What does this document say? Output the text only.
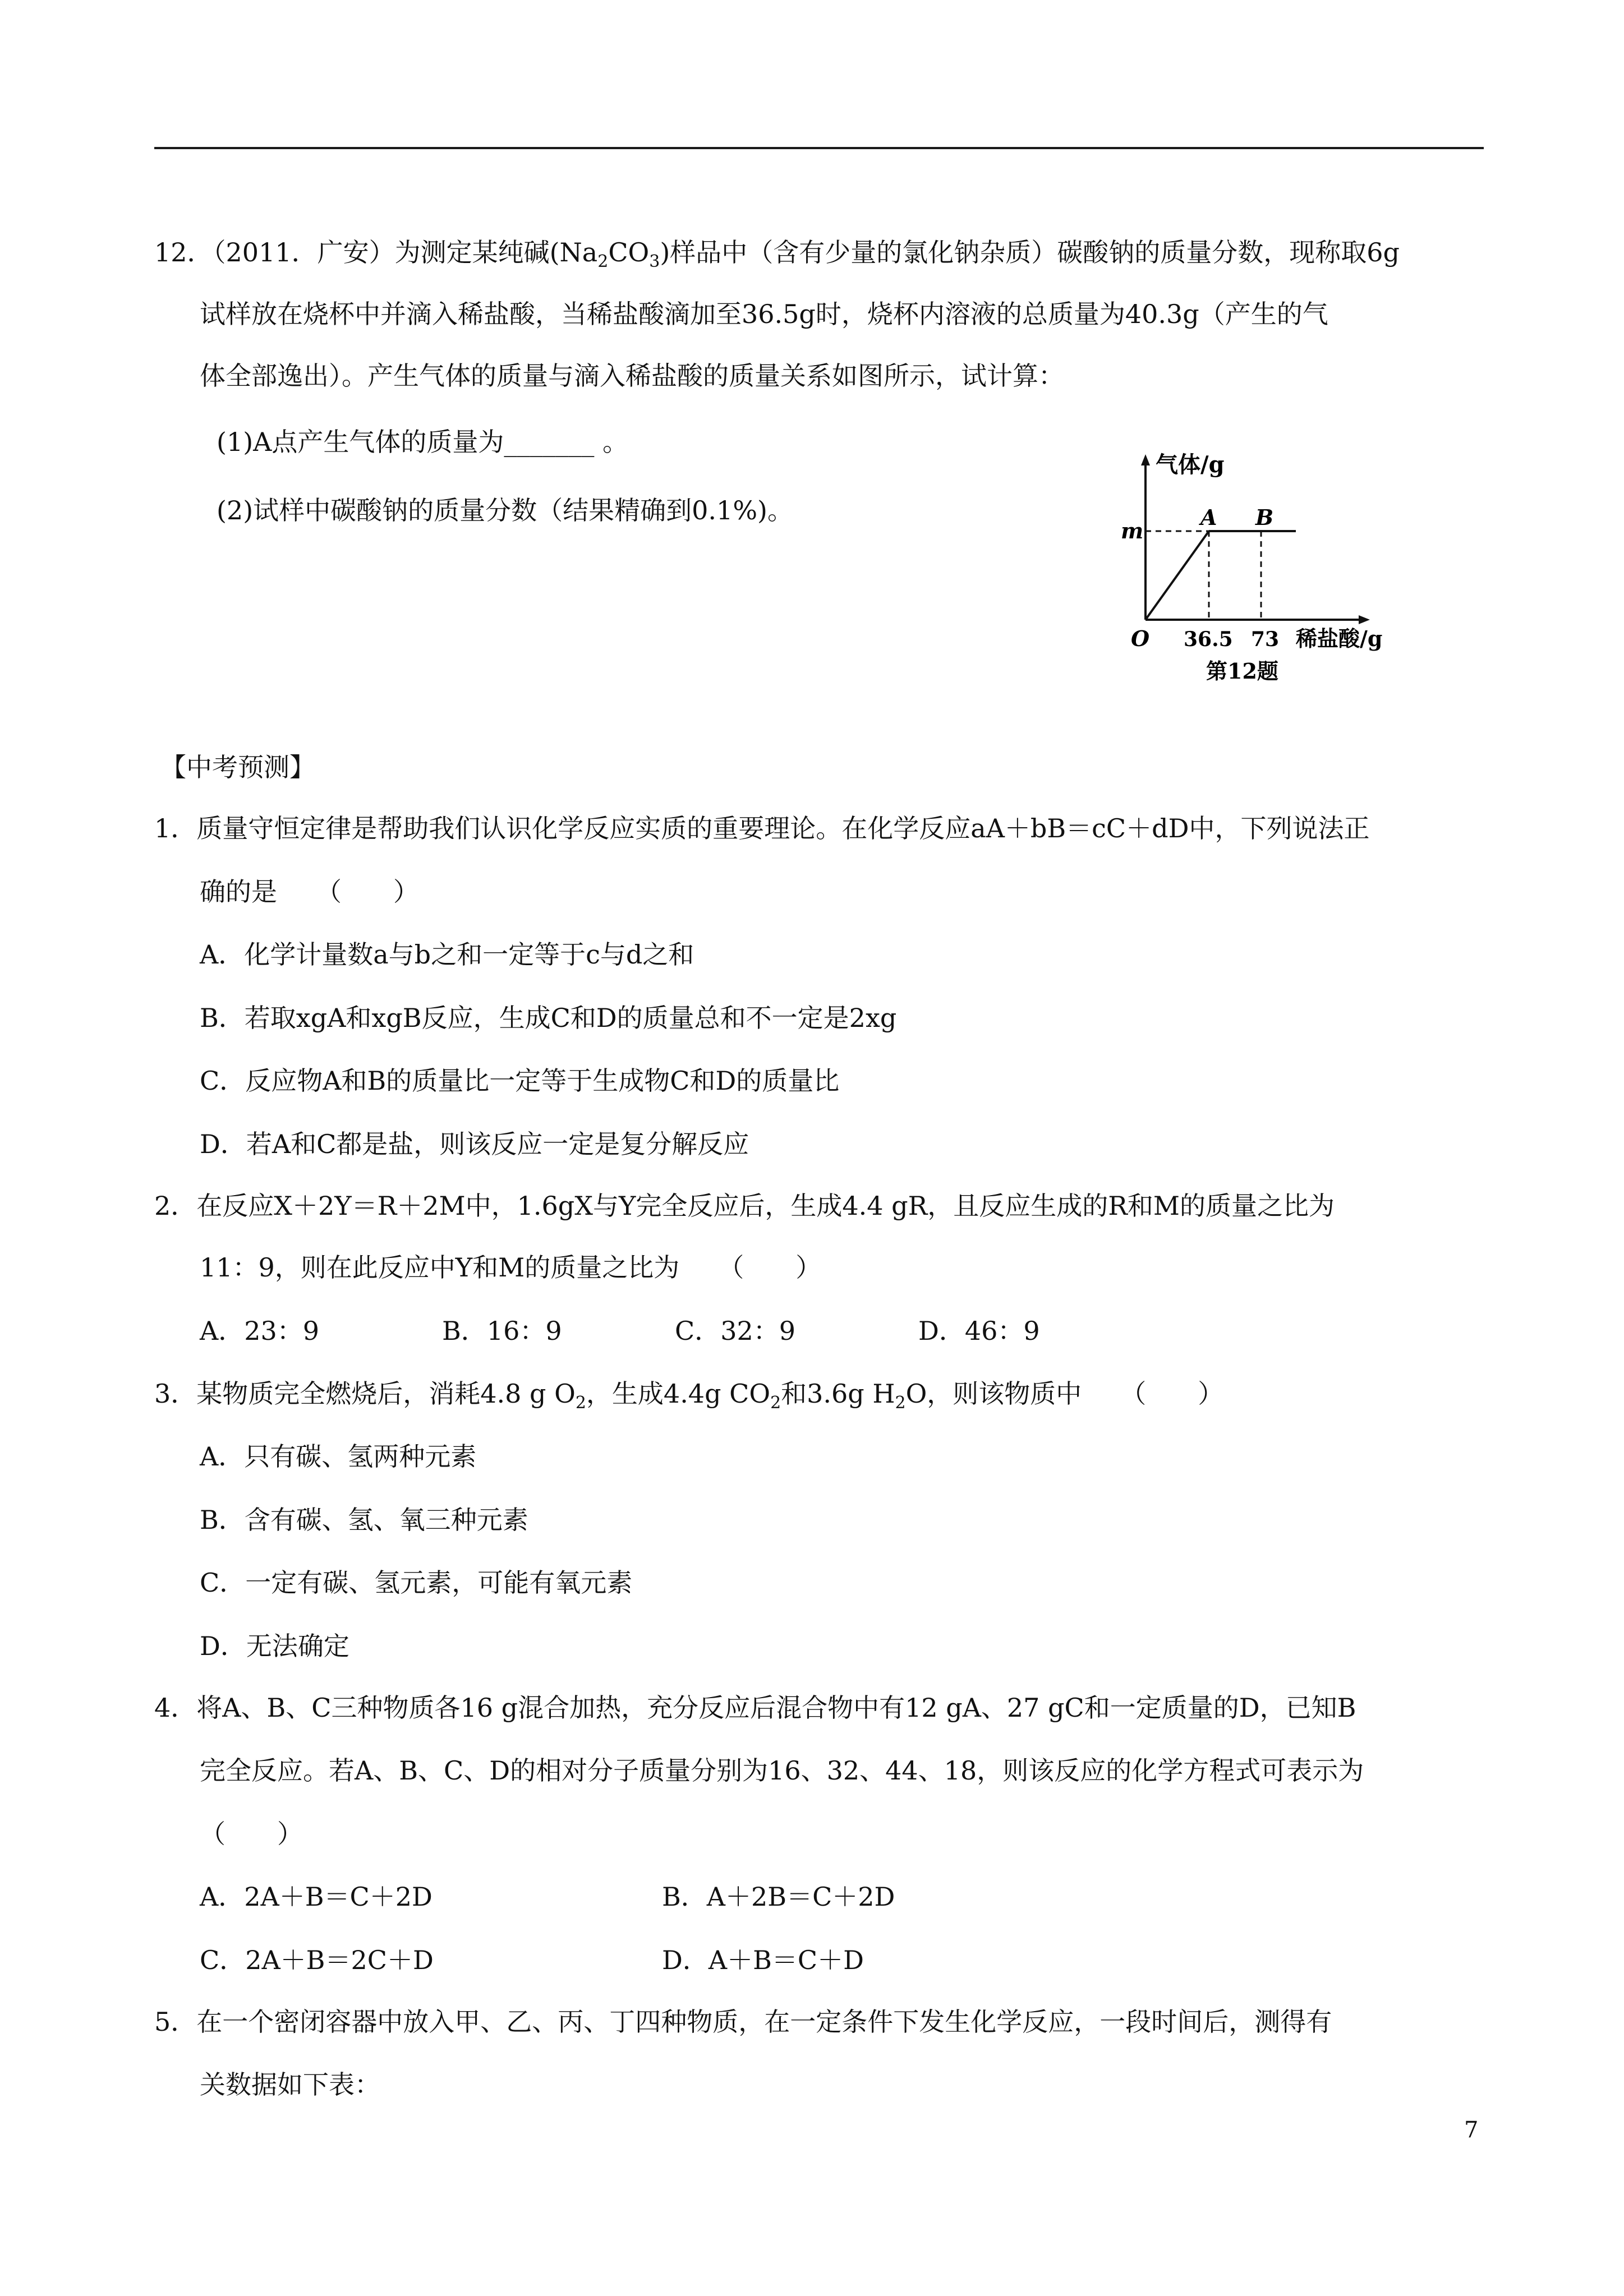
12．（2011．广安）为测定某纯碱$(Na_2CO_3)$样品中（含有少量的氯化钠杂质）碳酸钠的质量分数，现称取6g
试样放在烧杯中并滴入稀盐酸，当稀盐酸滴加至36.5g时，烧杯内溶液的总质量为40.3g（产生的气
体全部逸出）。产生气体的质量与滴入稀盐酸的质量关系如图所示，试计算：
(1)A点产生气体的质量为_______ 。
(2)试样中碳酸钠的质量分数（结果精确到0.1%)。
气体/g
m
A B
O 36.5 73 稀盐酸/g
第12题
【中考预测】
1．质量守恒定律是帮助我们认识化学反应实质的重要理论。在化学反应aA＋bB＝cC＋dD中，下列说法正
确的是　　（　　）
A．化学计量数a与b之和一定等于c与d之和
B．若取xgA和xgB反应，生成C和D的质量总和不一定是2xg
C．反应物A和B的质量比一定等于生成物C和D的质量比
D．若A和C都是盐，则该反应一定是复分解反应
2．在反应X＋2Y＝R＋2M中，1.6gX与Y完全反应后，生成4.4 gR，且反应生成的R和M的质量之比为
11：9，则在此反应中Y和M的质量之比为　　（　　）
A．23：9	B．16：9	C．32：9	D．46：9
3．某物质完全燃烧后，消耗4.8 g $O_2$，生成4.4g $CO_2$和3.6g $H_2O$，则该物质中　　（　　）
A．只有碳、氢两种元素
B．含有碳、氢、氧三种元素
C．一定有碳、氢元素，可能有氧元素
D．无法确定
4．将A、B、C三种物质各16 g混合加热，充分反应后混合物中有12 gA、27 gC和一定质量的D，已知B
完全反应。若A、B、C、D的相对分子质量分别为16、32、44、18，则该反应的化学方程式可表示为
（　　）
A．2A＋B＝C＋2D	B．A＋2B＝C＋2D
C．2A＋B＝2C＋D	D．A＋B＝C＋D
5．在一个密闭容器中放入甲、乙、丙、丁四种物质，在一定条件下发生化学反应，一段时间后，测得有
关数据如下表：
7
